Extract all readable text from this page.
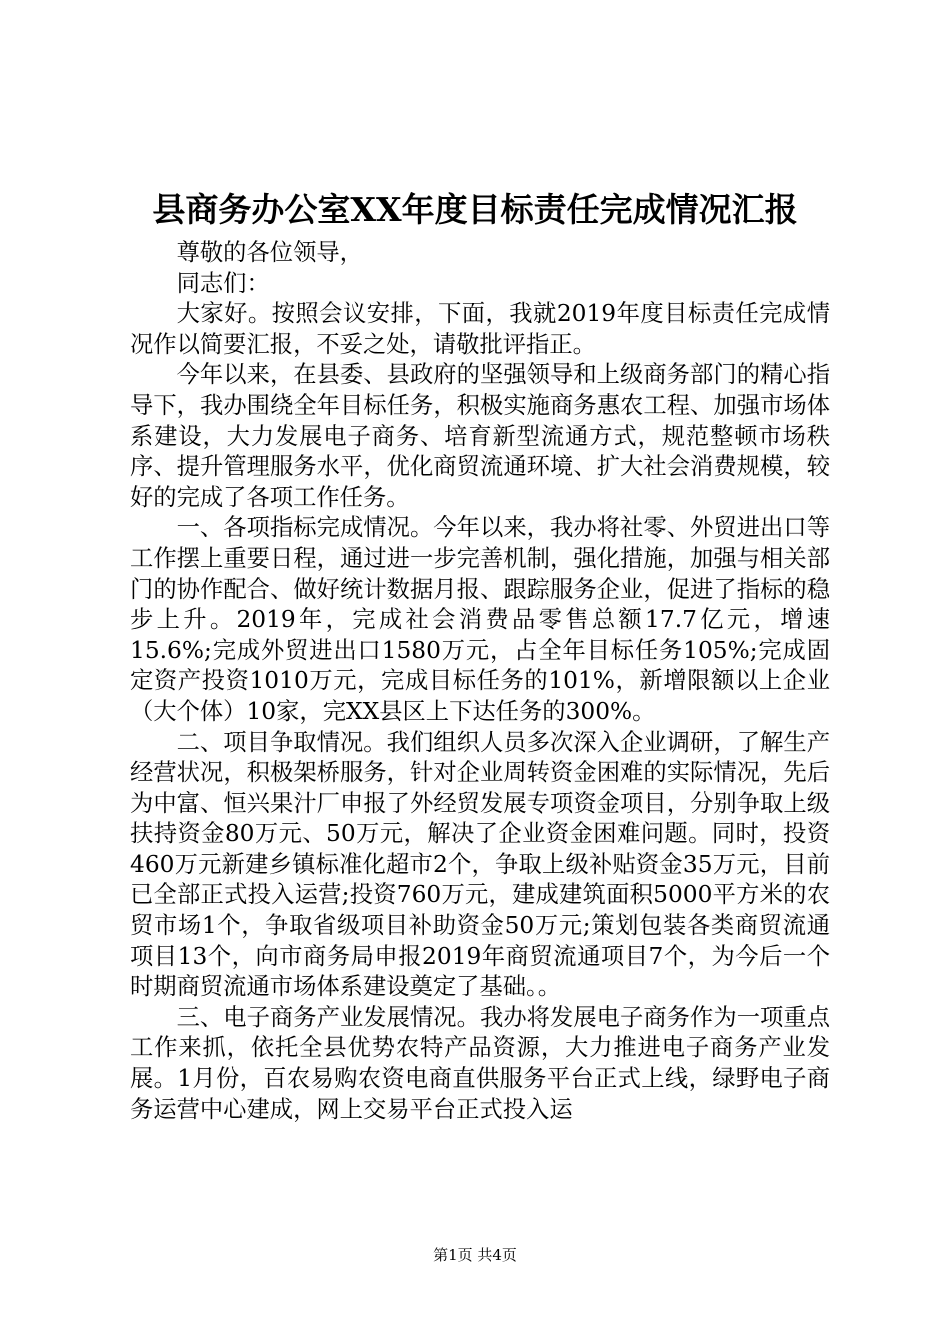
县商务办公室XX年度目标责任完成情况汇报

尊敬的各位领导，

同志们：

大家好。按照会议安排，下面，我就2019年度目标责任完成情况作以简要汇报，不妥之处，请敬批评指正。

今年以来，在县委、县政府的坚强领导和上级商务部门的精心指导下，我办围绕全年目标任务，积极实施商务惠农工程、加强市场体系建设，大力发展电子商务、培育新型流通方式，规范整顿市场秩序、提升管理服务水平，优化商贸流通环境、扩大社会消费规模，较好的完成了各项工作任务。

一、各项指标完成情况。今年以来，我办将社零、外贸进出口等工作摆上重要日程，通过进一步完善机制，强化措施，加强与相关部门的协作配合、做好统计数据月报、跟踪服务企业，促进了指标的稳步上升。2019年，完成社会消费品零售总额17.7亿元，增速15.6%;完成外贸进出口1580万元，占全年目标任务105%;完成固定资产投资1010万元，完成目标任务的101%，新增限额以上企业（大个体）10家，完XX县区上下达任务的300%。

二、项目争取情况。我们组织人员多次深入企业调研，了解生产经营状况，积极架桥服务，针对企业周转资金困难的实际情况，先后为中富、恒兴果汁厂申报了外经贸发展专项资金项目，分别争取上级扶持资金80万元、50万元，解决了企业资金困难问题。同时，投资460万元新建乡镇标准化超市2个，争取上级补贴资金35万元，目前已全部正式投入运营;投资760万元，建成建筑面积5000平方米的农贸市场1个，争取省级项目补助资金50万元;策划包装各类商贸流通项目13个，向市商务局申报2019年商贸流通项目7个，为今后一个时期商贸流通市场体系建设奠定了基础。。

三、电子商务产业发展情况。我办将发展电子商务作为一项重点工作来抓，依托全县优势农特产品资源，大力推进电子商务产业发展。1月份，百农易购农资电商直供服务平台正式上线，绿野电子商务运营中心建成，网上交易平台正式投入运

第1页 共4页
